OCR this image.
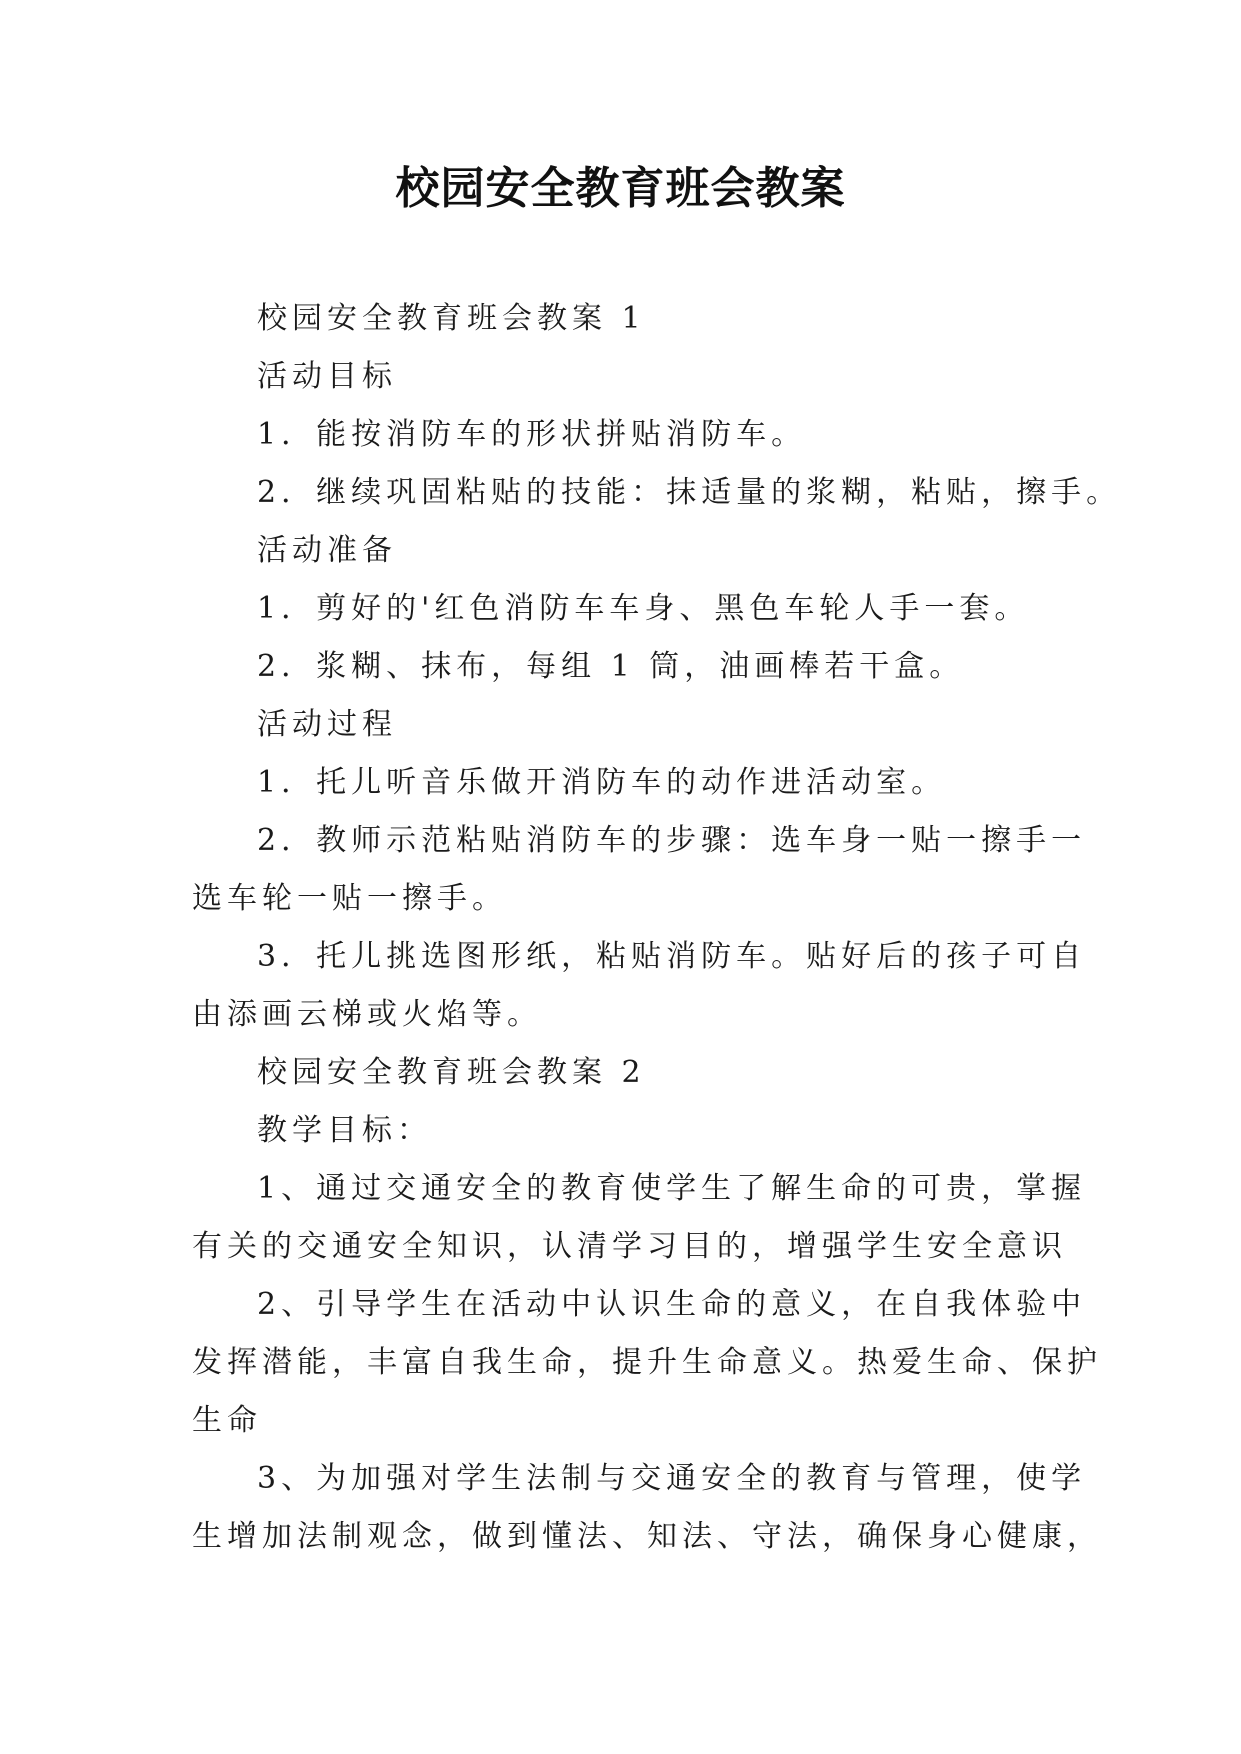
校园安全教育班会教案

校园安全教育班会教案 1

活动目标

1．能按消防车的形状拼贴消防车。

2．继续巩固粘贴的技能：抹适量的浆糊，粘贴，擦手。

活动准备

1．剪好的'红色消防车车身、黑色车轮人手一套。

2．浆糊、抹布，每组 1 筒，油画棒若干盒。

活动过程

1．托儿听音乐做开消防车的动作进活动室。

2．教师示范粘贴消防车的步骤：选车身一贴一擦手一

选车轮一贴一擦手。

3．托儿挑选图形纸，粘贴消防车。贴好后的孩子可自

由添画云梯或火焰等。

校园安全教育班会教案 2

教学目标：

1、通过交通安全的教育使学生了解生命的可贵，掌握

有关的交通安全知识，认清学习目的，增强学生安全意识

2、引导学生在活动中认识生命的意义，在自我体验中

发挥潜能，丰富自我生命，提升生命意义。热爱生命、保护

生命

3、为加强对学生法制与交通安全的教育与管理，使学

生增加法制观念，做到懂法、知法、守法，确保身心健康，
